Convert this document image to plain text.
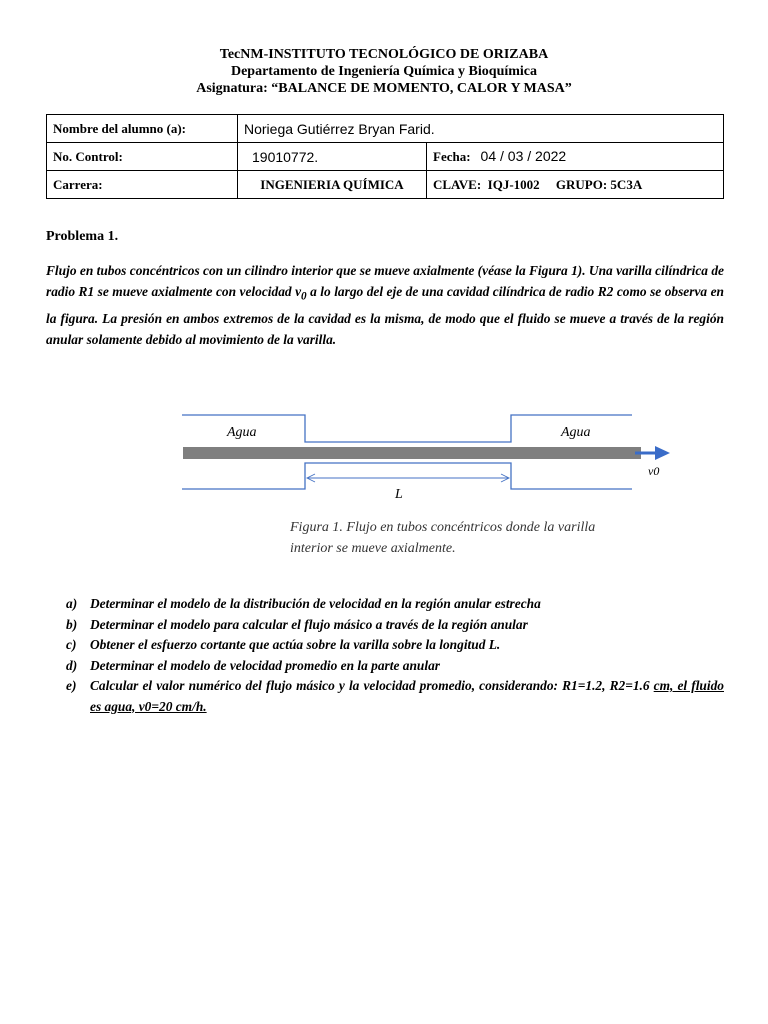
TecNM-INSTITUTO TECNOLÓGICO DE ORIZABA
Departamento de Ingeniería Química y Bioquímica
Asignatura: “BALANCE DE MOMENTO, CALOR Y MASA”
Nombre del alumno (a):	Noriega Gutiérrez Bryan Farid.	
No. Control:	19010772.	Fecha: 04 / 03 / 2022
Carrera:	INGENIERIA QUÍMICA	CLAVE:  IQJ-1002     GRUPO: 5C3A
Problema 1.
Flujo en tubos concéntricos con un cilindro interior que se mueve axialmente (véase la Figura 1). Una varilla cilíndrica de radio R1 se mueve axialmente con velocidad $v_0$ a lo largo del eje de una cavidad cilíndrica de radio R2 como se observa en la figura. La presión en ambos extremos de la cavidad es la misma, de modo que el fluido se mueve a través de la región anular solamente debido al movimiento de la varilla.
Agua	Agua
v0
L
Figura 1. Flujo en tubos concéntricos donde la varilla interior se mueve axialmente.
a) Determinar el modelo de la distribución de velocidad en la región anular estrecha
b) Determinar el modelo para calcular el flujo másico a través de la región anular
c) Obtener el esfuerzo cortante que actúa sobre la varilla sobre la longitud L.
d) Determinar el modelo de velocidad promedio en la parte anular
e) Calcular el valor numérico del flujo másico y la velocidad promedio, considerando: R1=1.2, R2=1.6 cm, el fluido es agua, v0=20 cm/h.
